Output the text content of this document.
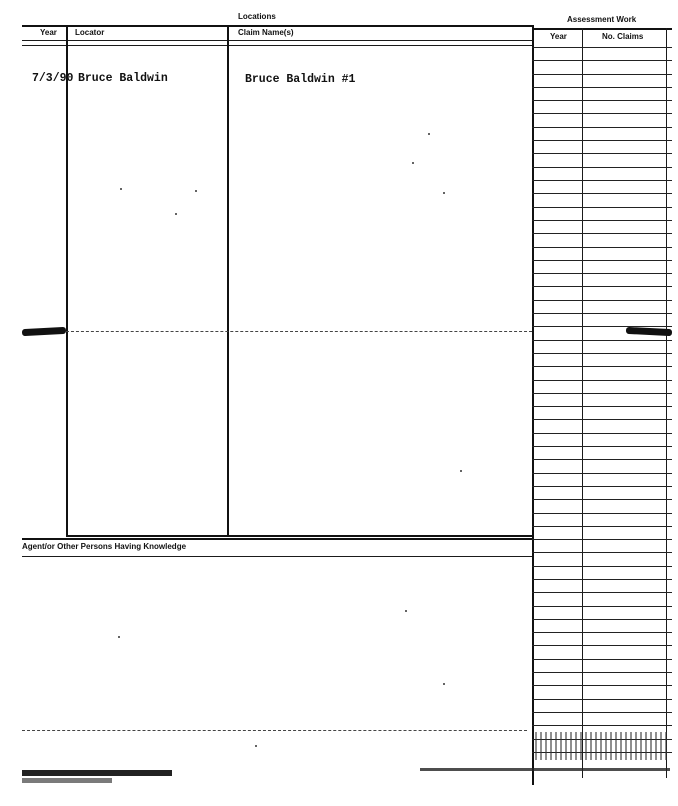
Locations	Assessment Work
Year Locator	Claim Name(s)	Year	No. Claims
7/3/90 Bruce Baldwin	Bruce Baldwin #1
Agent/or Other Persons Having Knowledge
